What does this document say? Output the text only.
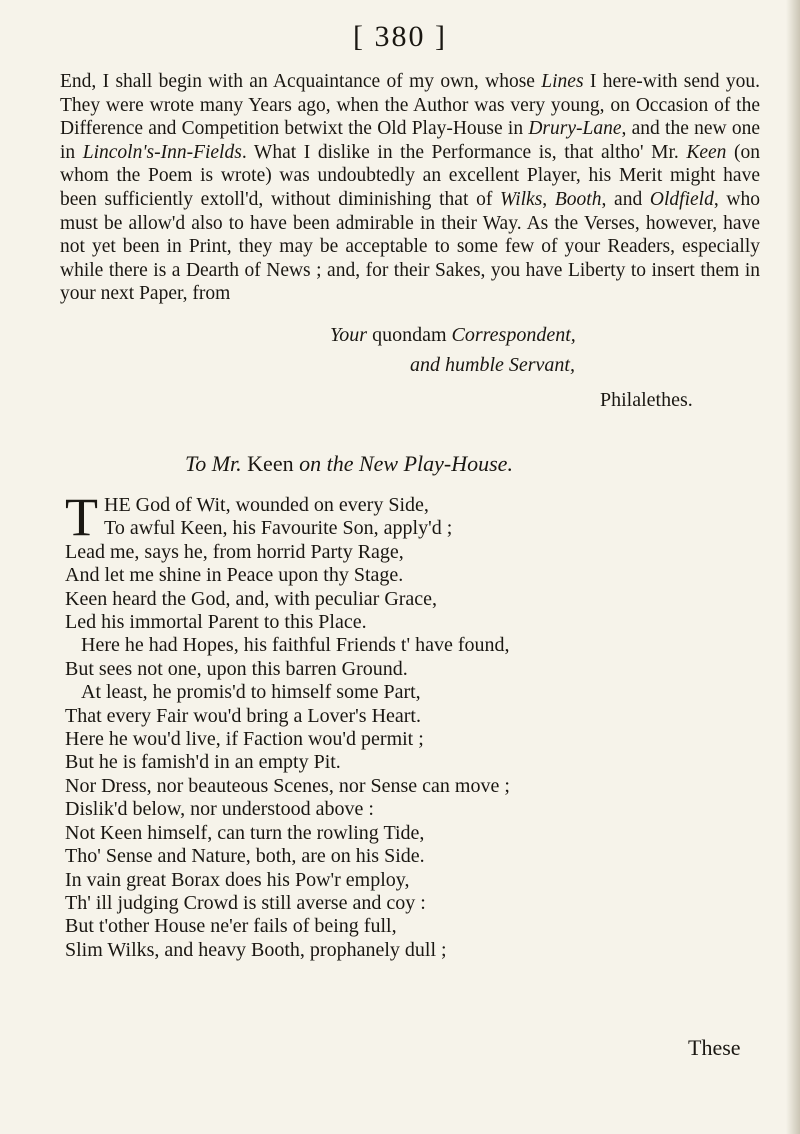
[ 380 ]

End, I shall begin with an Acquaintance of my own, whose Lines I here-with send you. They were wrote many Years ago, when the Author was very young, on Occasion of the Difference and Competition betwixt the Old Play-House in Drury-Lane, and the new one in Lincoln's-Inn-Fields. What I dislike in the Performance is, that altho' Mr. Keen (on whom the Poem is wrote) was undoubtedly an excellent Player, his Merit might have been sufficiently extoll'd, without diminishing that of Wilks, Booth, and Oldfield, who must be allow'd also to have been admirable in their Way. As the Verses, however, have not yet been in Print, they may be acceptable to some few of your Readers, especially while there is a Dearth of News ; and, for their Sakes, you have Liberty to insert them in your next Paper, from

Your quondam Correspondent,
and humble Servant,
Philalethes.
To Mr. Keen on the New Play-House.
T HE God of Wit, wounded on every Side,
To awful Keen, his Favourite Son, apply'd ;
Lead me, says he, from horrid Party Rage,
And let me shine in Peace upon thy Stage.
Keen heard the God, and, with peculiar Grace,
Led his immortal Parent to this Place.
Here he had Hopes, his faithful Friends t' have found,
But sees not one, upon this barren Ground.
At least, he promis'd to himself some Part,
That every Fair wou'd bring a Lover's Heart.
Here he wou'd live, if Faction wou'd permit ;
But he is famish'd in an empty Pit.
Nor Dress, nor beauteous Scenes, nor Sense can move ;
Dislik'd below, nor understood above :
Not Keen himself, can turn the rowling Tide,
Tho' Sense and Nature, both, are on his Side.
In vain great Borax does his Pow'r employ,
Th' ill judging Crowd is still averse and coy :
But t'other House ne'er fails of being full,
Slim Wilks, and heavy Booth, prophanely dull ;
These
